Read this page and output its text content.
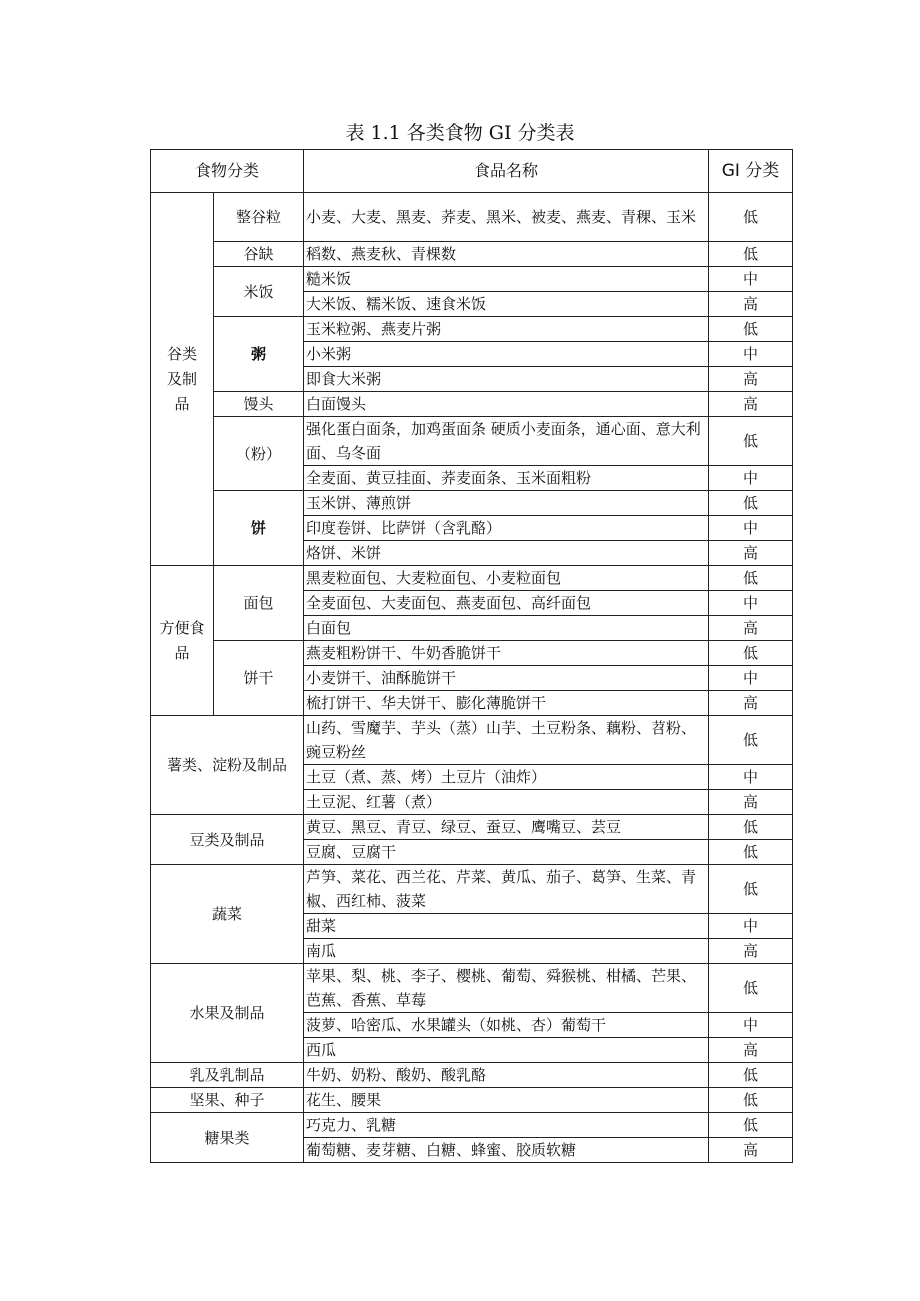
表 1.1 各类食物 GI 分类表
食物分类		食品名称	GI 分类
谷类
及制
品	整谷粒	小麦、大麦、黑麦、荞麦、黑米、被麦、燕麦、青稞、玉米	低
	谷缺	稻数、燕麦秋、青棵数	低
	米饭	糙米饭	中
		大米饭、糯米饭、速食米饭	高
	粥	玉米粒粥、燕麦片粥	低
		小米粥	中
		即食大米粥	高
	馒头	白面馒头	高
	（粉）	强化蛋白面条，加鸡蛋面条 硬质小麦面条，通心面、意大利面、乌冬面	低
		全麦面、黄豆挂面、荞麦面条、玉米面粗粉	中
	饼	玉米饼、薄煎饼	低
		印度卷饼、比萨饼（含乳酪）	中
		烙饼、米饼	高
方便食
品	面包	黑麦粒面包、大麦粒面包、小麦粒面包	低
		全麦面包、大麦面包、燕麦面包、高纤面包	中
		白面包	高
	饼干	燕麦粗粉饼干、牛奶香脆饼干	低
		小麦饼干、油酥脆饼干	中
		梳打饼干、华夫饼干、膨化薄脆饼干	高
薯类、淀粉及制品		山药、雪魔芋、芋头（蒸）山芋、土豆粉条、藕粉、苕粉、豌豆粉丝	低
		土豆（煮、蒸、烤）土豆片（油炸）	中
		土豆泥、红薯（煮）	高
豆类及制品		黄豆、黑豆、青豆、绿豆、蚕豆、鹰嘴豆、芸豆	低
		豆腐、豆腐干	低
蔬菜		芦笋、菜花、西兰花、芹菜、黄瓜、茄子、葛笋、生菜、青椒、西红柿、菠菜	低
		甜菜	中
		南瓜	高
水果及制品		苹果、梨、桃、李子、樱桃、葡萄、舜猴桃、柑橘、芒果、芭蕉、香蕉、草莓	低
		菠萝、哈密瓜、水果罐头（如桃、杏）葡萄干	中
		西瓜	高
乳及乳制品		牛奶、奶粉、酸奶、酸乳酪	低
坚果、种子		花生、腰果	低
糖果类		巧克力、乳糖	低
		葡萄糖、麦芽糖、白糖、蜂蜜、胶质软糖	高
